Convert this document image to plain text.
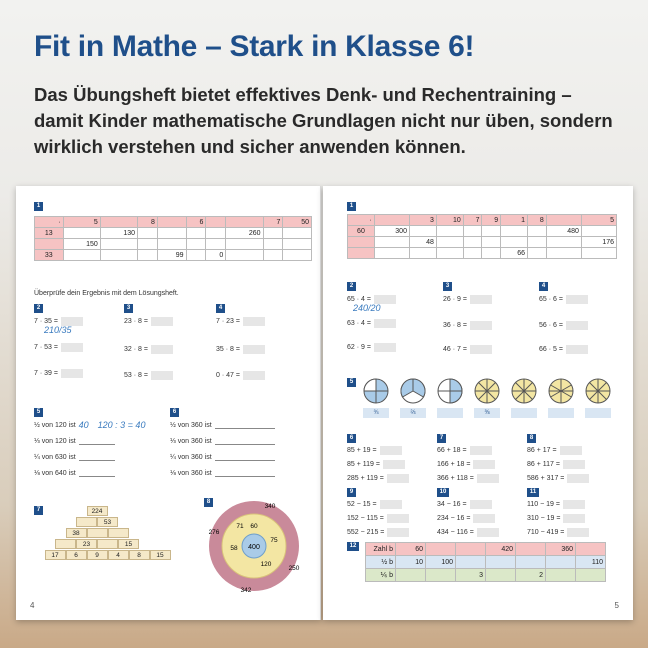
Fit in Mathe – Stark in Klasse 6!
Das Übungsheft bietet effektives Denk- und Rechentraining – damit Kinder mathematische Grundlagen nicht nur üben, sondern wirklich verstehen und sicher anwenden können.
1
·	5		8		6			7	50
13		130					260		
	150								
33				99		0			
Überprüfe dein Ergebnis mit dem Lösungsheft.
2
7 · 35 =
210/35
7 · 53 =
7 · 39 =
3
23 · 8 =
32 · 8 =
53 · 8 =
4
7 · 23 =
35 · 8 =
0 · 47 =
5
½ von 120 ist 40 120 : 3 = 40
⅓ von 120 ist
¼ von 630 ist
⅛ von 640 ist
6
½ von 360 ist
⅓ von 360 ist
¼ von 360 ist
⅛ von 360 ist
7	224
53
38
23	15
17	6	9	4	8	15
8
400
60
75
120
58
71
340
250
342
276
4
1
·		3	10	7	9	1	8		5
60	300							480	
		48							176
						66			
2
65 · 4 =
240/20
63 · 4 =
62 · 9 =
3
26 · 9 =
36 · 8 =
46 · 7 =
4
65 · 6 =
56 · 6 =
66 · 5 =
5
¾	⅔	⅜
6
85 + 19 =
85 + 119 =
285 + 119 =
7
66 + 18 =
166 + 18 =
366 + 118 =
8
86 + 17 =
86 + 117 =
586 + 317 =
9
52 − 15 =
152 − 115 =
552 − 215 =
10
34 − 16 =
234 − 16 =
434 − 116 =
11
110 − 19 =
310 − 19 =
710 − 419 =
12	Zahl b	60			420		360	
½ b	10	100					110
⅙ b			3		2		
5
